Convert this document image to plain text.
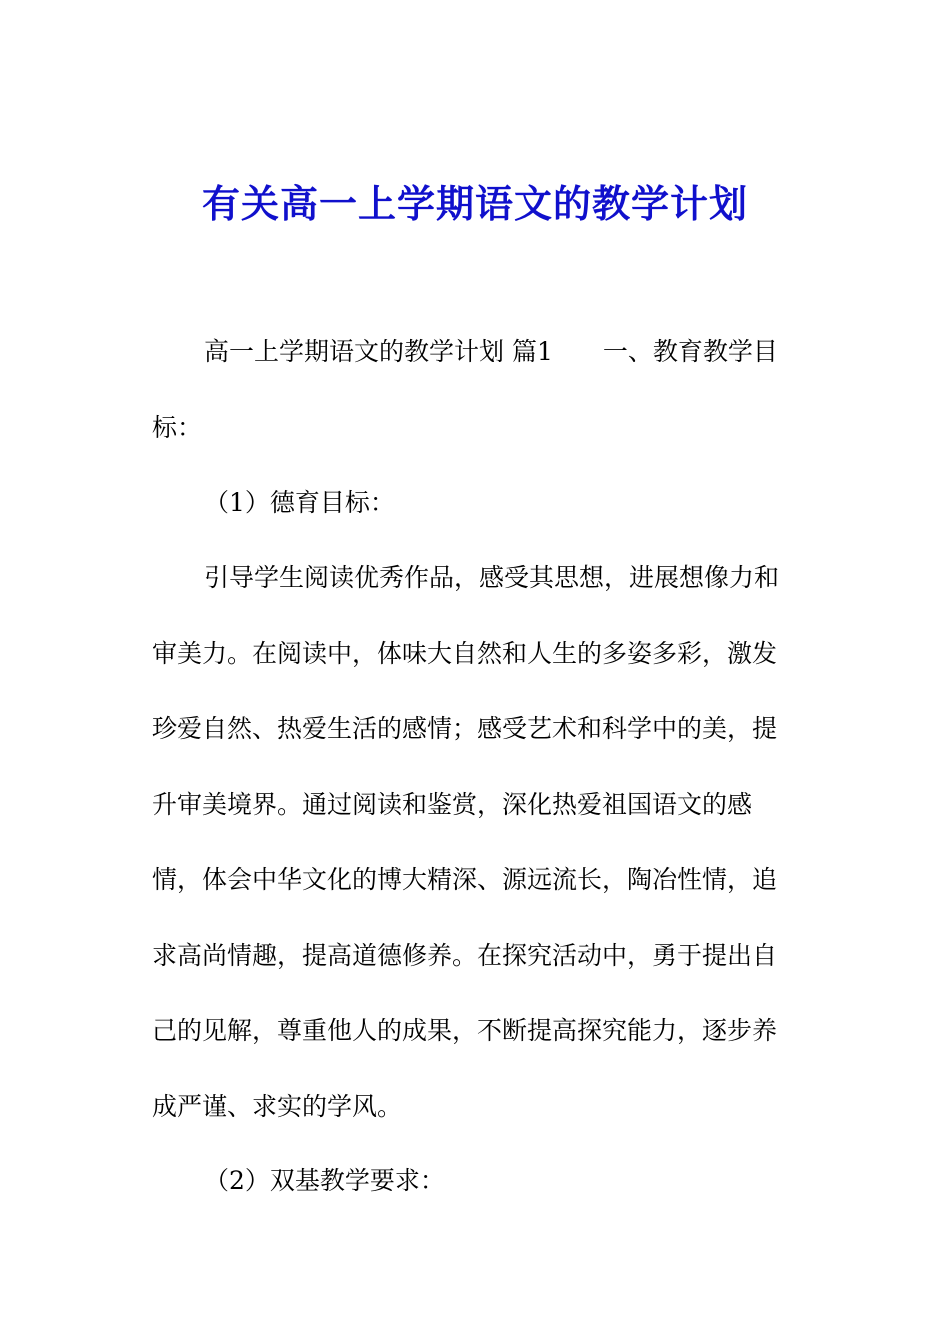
有关高一上学期语文的教学计划
高一上学期语文的教学计划 篇1　　一、教育教学目
标：
（1）德育目标：
引导学生阅读优秀作品，感受其思想，进展想像力和
审美力。在阅读中，体味大自然和人生的多姿多彩，激发
珍爱自然、热爱生活的感情；感受艺术和科学中的美，提
升审美境界。通过阅读和鉴赏，深化热爱祖国语文的感
情，体会中华文化的博大精深、源远流长，陶冶性情，追
求高尚情趣，提高道德修养。在探究活动中，勇于提出自
己的见解，尊重他人的成果，不断提高探究能力，逐步养
成严谨、求实的学风。
（2）双基教学要求：
